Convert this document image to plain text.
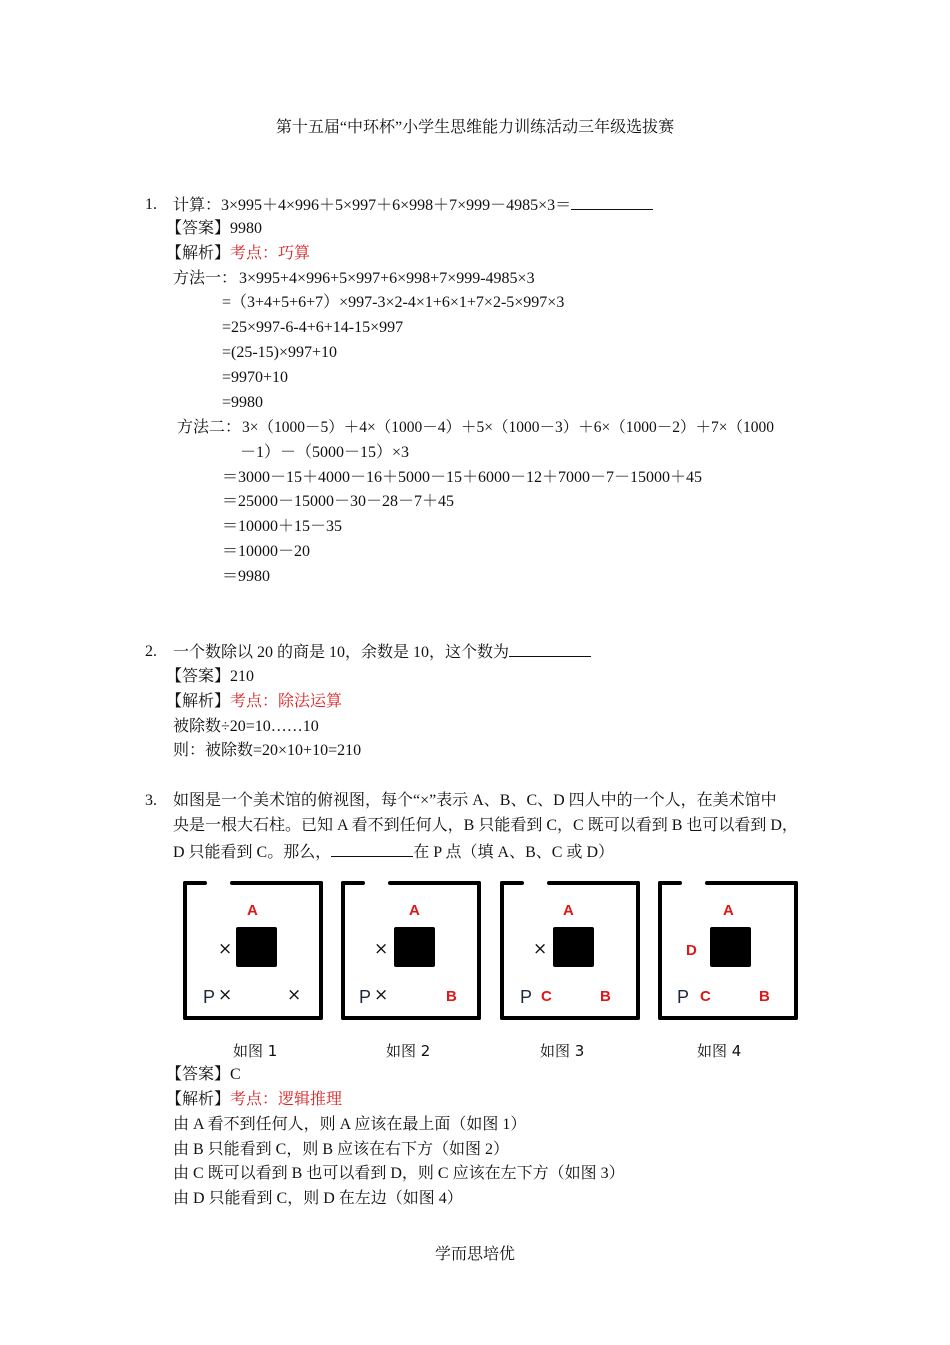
第十五届“中环杯”小学生思维能力训练活动三年级选拔赛
1. 计算：3×995＋4×996＋5×997＋6×998＋7×999－4985×3＝
【答案】9980
【解析】考点：巧算
方法一： 3×995+4×996+5×997+6×998+7×999-4985×3
=（3+4+5+6+7）×997-3×2-4×1+6×1+7×2-5×997×3
=25×997-6-4+6+14-15×997
=(25-15)×997+10
=9970+10
=9980
方法二： 3×（1000－5）＋4×（1000－4）＋5×（1000－3）＋6×（1000－2）＋7×（1000
－1）－（5000－15）×3
＝3000－15＋4000－16＋5000－15＋6000－12＋7000－7－15000＋45
＝25000－15000－30－28－7＋45
＝10000＋15－35
＝10000－20
＝9980
2. 一个数除以 20 的商是 10，余数是 10，这个数为
【答案】210
【解析】考点：除法运算
被除数÷20=10……10
则：被除数=20×10+10=210
3. 如图是一个美术馆的俯视图，每个“×”表示 A、B、C、D 四人中的一个人，在美术馆中
央是一根大石柱。已知 A 看不到任何人，B 只能看到 C，C 既可以看到 B 也可以看到 D，
D 只能看到 C。那么，	在 P 点（填 A、B、C 或 D）
A
×
P ×	×
A
×
P ×	B
A
×
P C	B
A
D
P C	B
如图 1	如图 2	如图 3	如图 4
【答案】C
【解析】考点：逻辑推理
由 A 看不到任何人，则 A 应该在最上面（如图 1）
由 B 只能看到 C，则 B 应该在右下方（如图 2）
由 C 既可以看到 B 也可以看到 D，则 C 应该在左下方（如图 3）
由 D 只能看到 C，则 D 在左边（如图 4）
学而思培优
